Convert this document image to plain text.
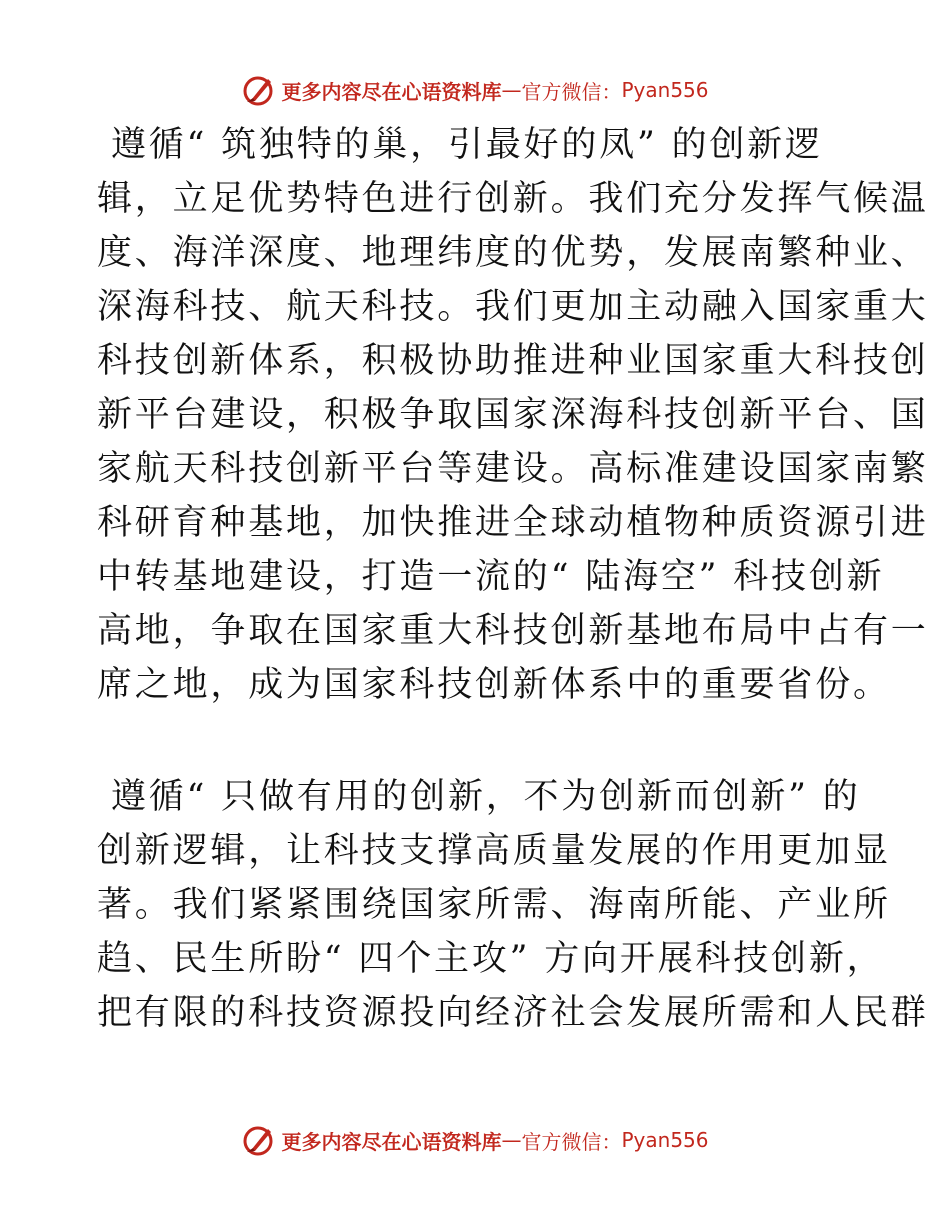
更多内容尽在心语资料库 — 官方微信： Pyan556
遵循“ 筑独特的巢，引最好的凤” 的创新逻
辑，立足优势特色进行创新。我们充分发挥气候温
度、海洋深度、地理纬度的优势，发展南繁种业、
深海科技、航天科技。我们更加主动融入国家重大
科技创新体系，积极协助推进种业国家重大科技创
新平台建设，积极争取国家深海科技创新平台、国
家航天科技创新平台等建设。高标准建设国家南繁
科研育种基地，加快推进全球动植物种质资源引进
中转基地建设，打造一流的“ 陆海空” 科技创新
高地，争取在国家重大科技创新基地布局中占有一
席之地，成为国家科技创新体系中的重要省份。
遵循“ 只做有用的创新，不为创新而创新” 的
创新逻辑，让科技支撑高质量发展的作用更加显
著。我们紧紧围绕国家所需、海南所能、产业所
趋、民生所盼“ 四个主攻” 方向开展科技创新，
把有限的科技资源投向经济社会发展所需和人民群
更多内容尽在心语资料库 — 官方微信： Pyan556
